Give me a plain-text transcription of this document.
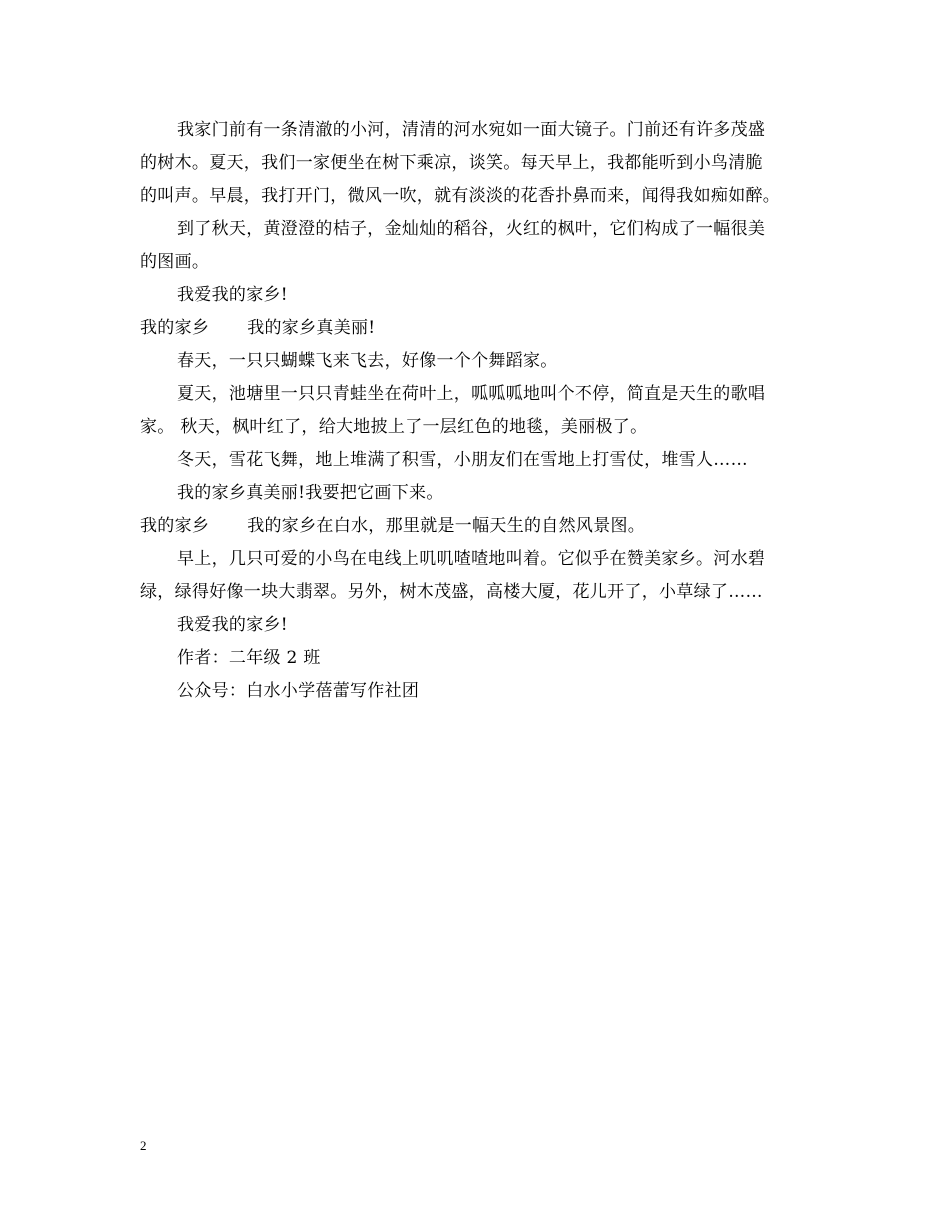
我家门前有一条清澈的小河，清清的河水宛如一面大镜子。门前还有许多茂盛
的树木。夏天，我们一家便坐在树下乘凉，谈笑。每天早上，我都能听到小鸟清脆
的叫声。早晨，我打开门，微风一吹，就有淡淡的花香扑鼻而来，闻得我如痴如醉。
到了秋天，黄澄澄的桔子，金灿灿的稻谷，火红的枫叶，它们构成了一幅很美
的图画。
我爱我的家乡!
我的家乡 我的家乡真美丽!
春天，一只只蝴蝶飞来飞去，好像一个个舞蹈家。
夏天，池塘里一只只青蛙坐在荷叶上，呱呱呱地叫个不停，简直是天生的歌唱
家。 秋天，枫叶红了，给大地披上了一层红色的地毯，美丽极了。
冬天，雪花飞舞，地上堆满了积雪，小朋友们在雪地上打雪仗，堆雪人……
我的家乡真美丽!我要把它画下来。
我的家乡 我的家乡在白水，那里就是一幅天生的自然风景图。
早上，几只可爱的小鸟在电线上叽叽喳喳地叫着。它似乎在赞美家乡。河水碧
绿，绿得好像一块大翡翠。另外，树木茂盛，高楼大厦，花儿开了，小草绿了……
我爱我的家乡!
作者：二年级 2 班
公众号：白水小学蓓蕾写作社团
2
